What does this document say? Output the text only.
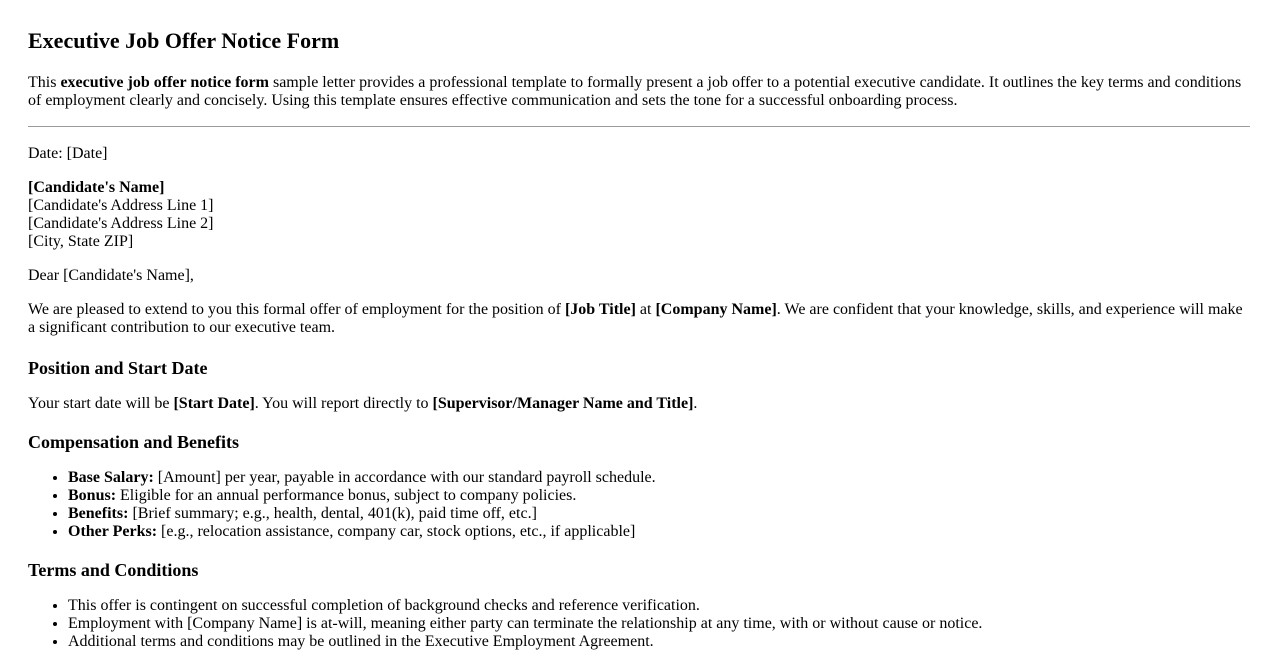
Executive Job Offer Notice Form

This executive job offer notice form sample letter provides a professional template to formally present a job offer to a potential executive candidate. It outlines the key terms and conditions of employment clearly and concisely. Using this template ensures effective communication and sets the tone for a successful onboarding process.

Date: [Date]

[Candidate's Name]
[Candidate's Address Line 1]
[Candidate's Address Line 2]
[City, State ZIP]

Dear [Candidate's Name],

We are pleased to extend to you this formal offer of employment for the position of [Job Title] at [Company Name]. We are confident that your knowledge, skills, and experience will make a significant contribution to our executive team.

Position and Start Date

Your start date will be [Start Date]. You will report directly to [Supervisor/Manager Name and Title].

Compensation and Benefits
• Base Salary: [Amount] per year, payable in accordance with our standard payroll schedule.
• Bonus: Eligible for an annual performance bonus, subject to company policies.
• Benefits: [Brief summary; e.g., health, dental, 401(k), paid time off, etc.]
• Other Perks: [e.g., relocation assistance, company car, stock options, etc., if applicable]
Terms and Conditions
• This offer is contingent on successful completion of background checks and reference verification.
• Employment with [Company Name] is at-will, meaning either party can terminate the relationship at any time, with or without cause or notice.
• Additional terms and conditions may be outlined in the Executive Employment Agreement.
